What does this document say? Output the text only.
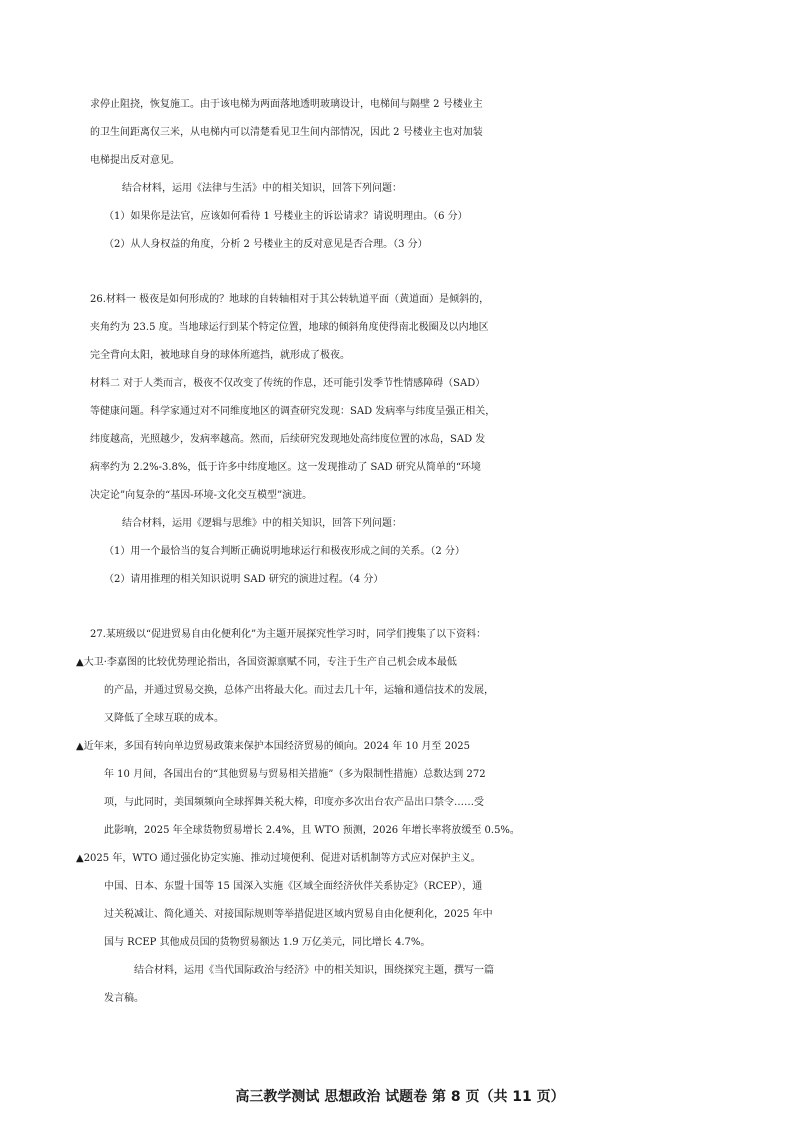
求停止阻挠，恢复施工。由于该电梯为两面落地透明玻璃设计，电梯间与隔壁 2 号楼业主
的卫生间距离仅三米，从电梯内可以清楚看见卫生间内部情况，因此 2 号楼业主也对加装
电梯提出反对意见。
结合材料，运用《法律与生活》中的相关知识，回答下列问题：
（1）如果你是法官，应该如何看待 1 号楼业主的诉讼请求？请说明理由。（6 分）
（2）从人身权益的角度，分析 2 号楼业主的反对意见是否合理。（3 分）
26.材料一 极夜是如何形成的？地球的自转轴相对于其公转轨道平面（黄道面）是倾斜的，
夹角约为 23.5 度。当地球运行到某个特定位置，地球的倾斜角度使得南北极圈及以内地区
完全背向太阳，被地球自身的球体所遮挡，就形成了极夜。
材料二 对于人类而言，极夜不仅改变了传统的作息，还可能引发季节性情感障碍（SAD）
等健康问题。科学家通过对不同维度地区的调查研究发现：SAD 发病率与纬度呈强正相关，
纬度越高，光照越少，发病率越高。然而，后续研究发现地处高纬度位置的冰岛，SAD 发
病率约为 2.2%-3.8%，低于许多中纬度地区。这一发现推动了 SAD 研究从简单的“环境
决定论”向复杂的“基因-环境-文化交互模型”演进。
结合材料，运用《逻辑与思维》中的相关知识，回答下列问题：
（1）用一个最恰当的复合判断正确说明地球运行和极夜形成之间的关系。（2 分）
（2）请用推理的相关知识说明 SAD 研究的演进过程。（4 分）
27.某班级以“促进贸易自由化便利化”为主题开展探究性学习时，同学们搜集了以下资料：
▲大卫·李嘉图的比较优势理论指出，各国资源禀赋不同，专注于生产自己机会成本最低
的产品，并通过贸易交换，总体产出将最大化。而过去几十年，运输和通信技术的发展，
又降低了全球互联的成本。
▲近年来，多国有转向单边贸易政策来保护本国经济贸易的倾向。2024 年 10 月至 2025
年 10 月间，各国出台的“其他贸易与贸易相关措施”（多为限制性措施）总数达到 272
项，与此同时，美国频频向全球挥舞关税大棒，印度亦多次出台农产品出口禁令……受
此影响，2025 年全球货物贸易增长 2.4%，且 WTO 预测，2026 年增长率将放缓至 0.5%。
▲2025 年，WTO 通过强化协定实施、推动过境便利、促进对话机制等方式应对保护主义。
中国、日本、东盟十国等 15 国深入实施《区域全面经济伙伴关系协定》（RCEP），通
过关税减让、简化通关、对接国际规则等举措促进区域内贸易自由化便利化，2025 年中
国与 RCEP 其他成员国的货物贸易额达 1.9 万亿美元，同比增长 4.7%。
结合材料，运用《当代国际政治与经济》中的相关知识，围绕探究主题，撰写一篇
发言稿。
高三教学测试 思想政治 试题卷 第 8 页（共 11 页）
